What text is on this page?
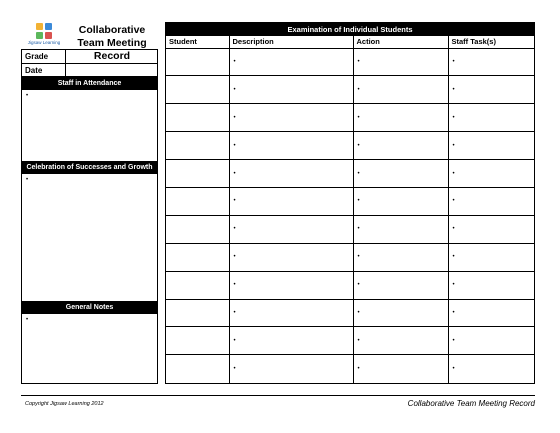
Jigsaw Learning
Collaborative Team Meeting Record
Grade	
Date	
Staff in Attendance
•
Celebration of Successes and Growth
•
General Notes
•
Examination of Individual Students
Student	Description	Action	Staff Task(s)
	•	•	•
	•	•	•
	•	•	•
	•	•	•
	•	•	•
	•	•	•
	•	•	•
	•	•	•
	•	•	•
	•	•	•
	•	•	•
	•	•	•
Copyright Jigsaw Learning 2012	Collaborative Team Meeting Record
